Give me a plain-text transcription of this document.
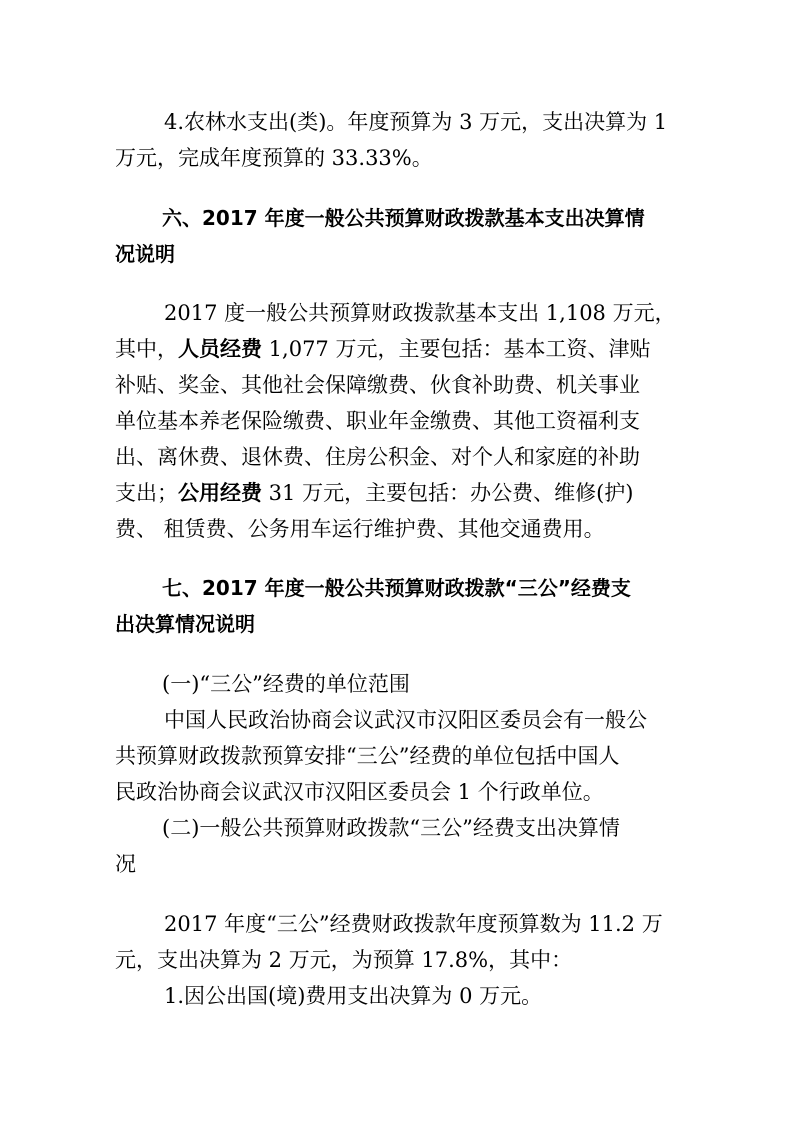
4.农林水支出(类)。年度预算为 3 万元，支出决算为 1
万元，完成年度预算的 33.33%。
六、2017 年度一般公共预算财政拨款基本支出决算情
况说明
2017 度一般公共预算财政拨款基本支出 1,108 万元，
其中，人员经费 1,077 万元，主要包括：基本工资、津贴
补贴、奖金、其他社会保障缴费、伙食补助费、机关事业
单位基本养老保险缴费、职业年金缴费、其他工资福利支
出、离休费、退休费、住房公积金、对个人和家庭的补助
支出；公用经费 31 万元，主要包括：办公费、维修(护)
费、 租赁费、公务用车运行维护费、其他交通费用。
七、2017 年度一般公共预算财政拨款“三公”经费支
出决算情况说明
(一)“三公”经费的单位范围
中国人民政治协商会议武汉市汉阳区委员会有一般公
共预算财政拨款预算安排“三公”经费的单位包括中国人
民政治协商会议武汉市汉阳区委员会 1 个行政单位。
(二)一般公共预算财政拨款“三公”经费支出决算情
况
2017 年度“三公”经费财政拨款年度预算数为 11.2 万
元，支出决算为 2 万元，为预算 17.8%，其中：
1.因公出国(境)费用支出决算为 0 万元。
